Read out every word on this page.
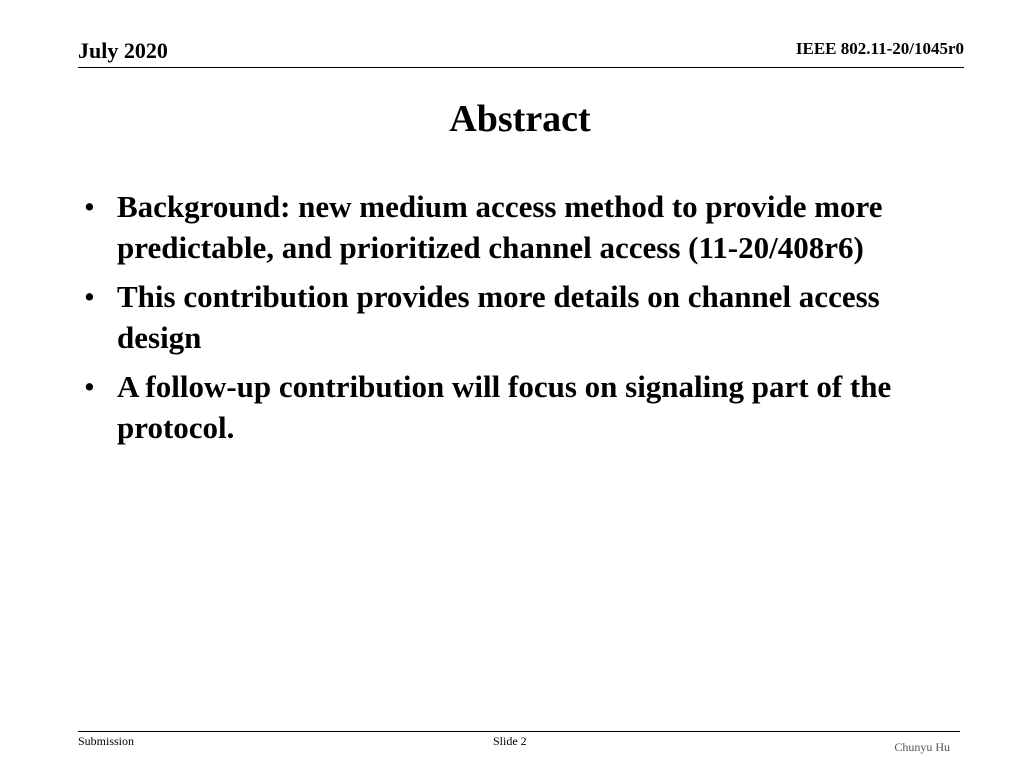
July 2020	IEEE 802.11-20/1045r0
Abstract
• Background: new medium access method to provide more predictable, and prioritized channel access (11-20/408r6)
• This contribution provides more details on channel access design
• A follow-up contribution will focus on signaling part of the protocol.
Submission	Slide 2	Chunyu Hu
